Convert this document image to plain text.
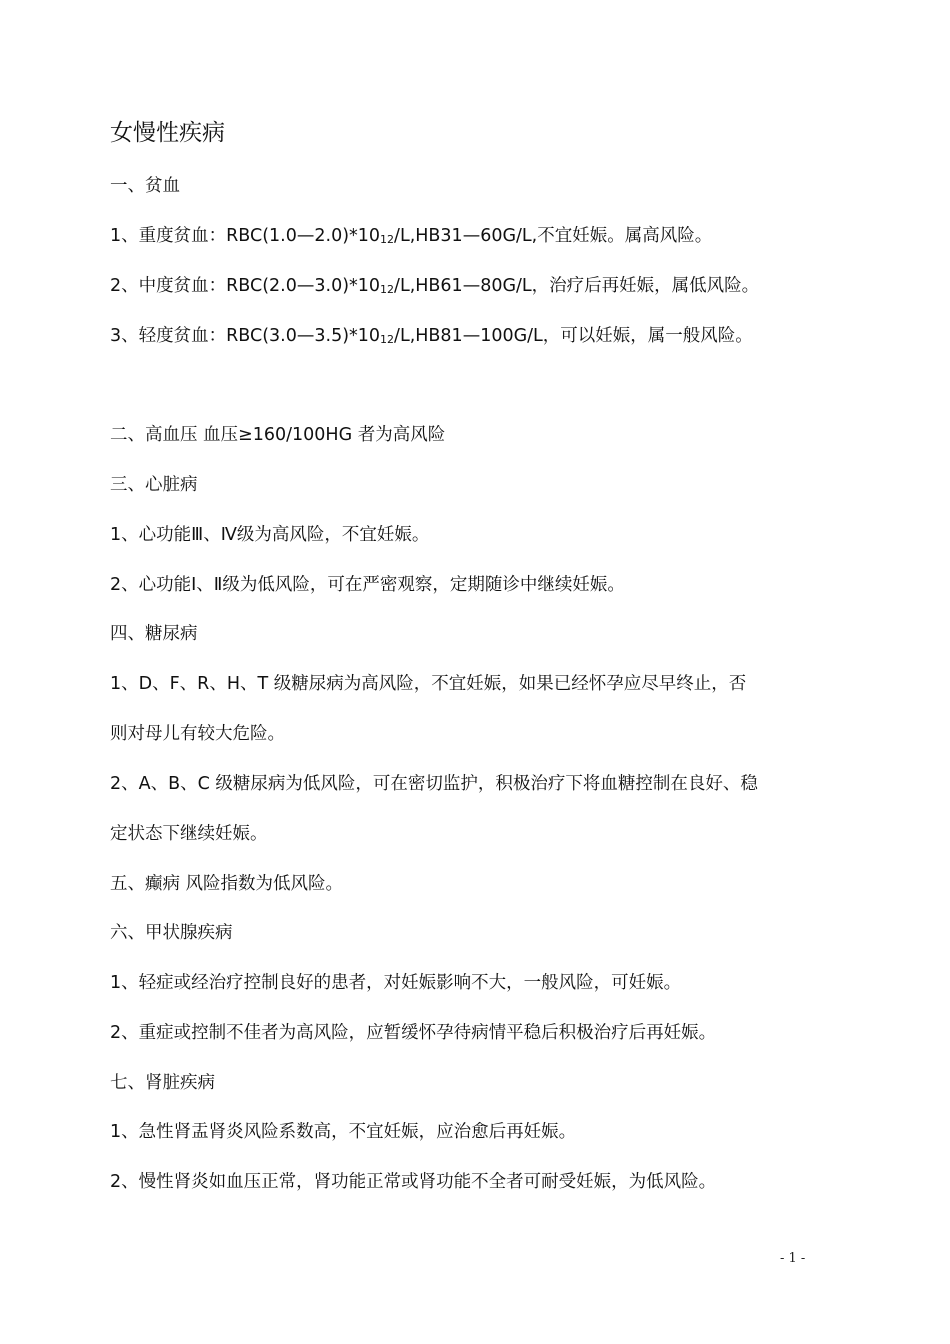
女慢性疾病
一、贫血
1、重度贫血：$RBC(1.0—2.0)*10_{12}/L,HB31—60G/L$,不宜妊娠。属高风险。
2、中度贫血：$RBC(2.0—3.0)*10_{12}/L,HB61—80G/L$，治疗后再妊娠，属低风险。
3、轻度贫血：$RBC(3.0—3.5)*10_{12}/L,HB81—100G/L$，可以妊娠，属一般风险。
二、高血压 血压≥160/100HG 者为高风险
三、心脏病
1、心功能Ⅲ、Ⅳ级为高风险，不宜妊娠。
2、心功能Ⅰ、Ⅱ级为低风险，可在严密观察，定期随诊中继续妊娠。
四、糖尿病
1、D、F、R、H、T 级糖尿病为高风险，不宜妊娠，如果已经怀孕应尽早终止，否
则对母儿有较大危险。
2、A、B、C 级糖尿病为低风险，可在密切监护，积极治疗下将血糖控制在良好、稳
定状态下继续妊娠。
五、癫病 风险指数为低风险。
六、甲状腺疾病
1、轻症或经治疗控制良好的患者，对妊娠影响不大，一般风险，可妊娠。
2、重症或控制不佳者为高风险，应暂缓怀孕待病情平稳后积极治疗后再妊娠。
七、肾脏疾病
1、急性肾盂肾炎风险系数高，不宜妊娠，应治愈后再妊娠。
2、慢性肾炎如血压正常，肾功能正常或肾功能不全者可耐受妊娠，为低风险。
- 1 -
